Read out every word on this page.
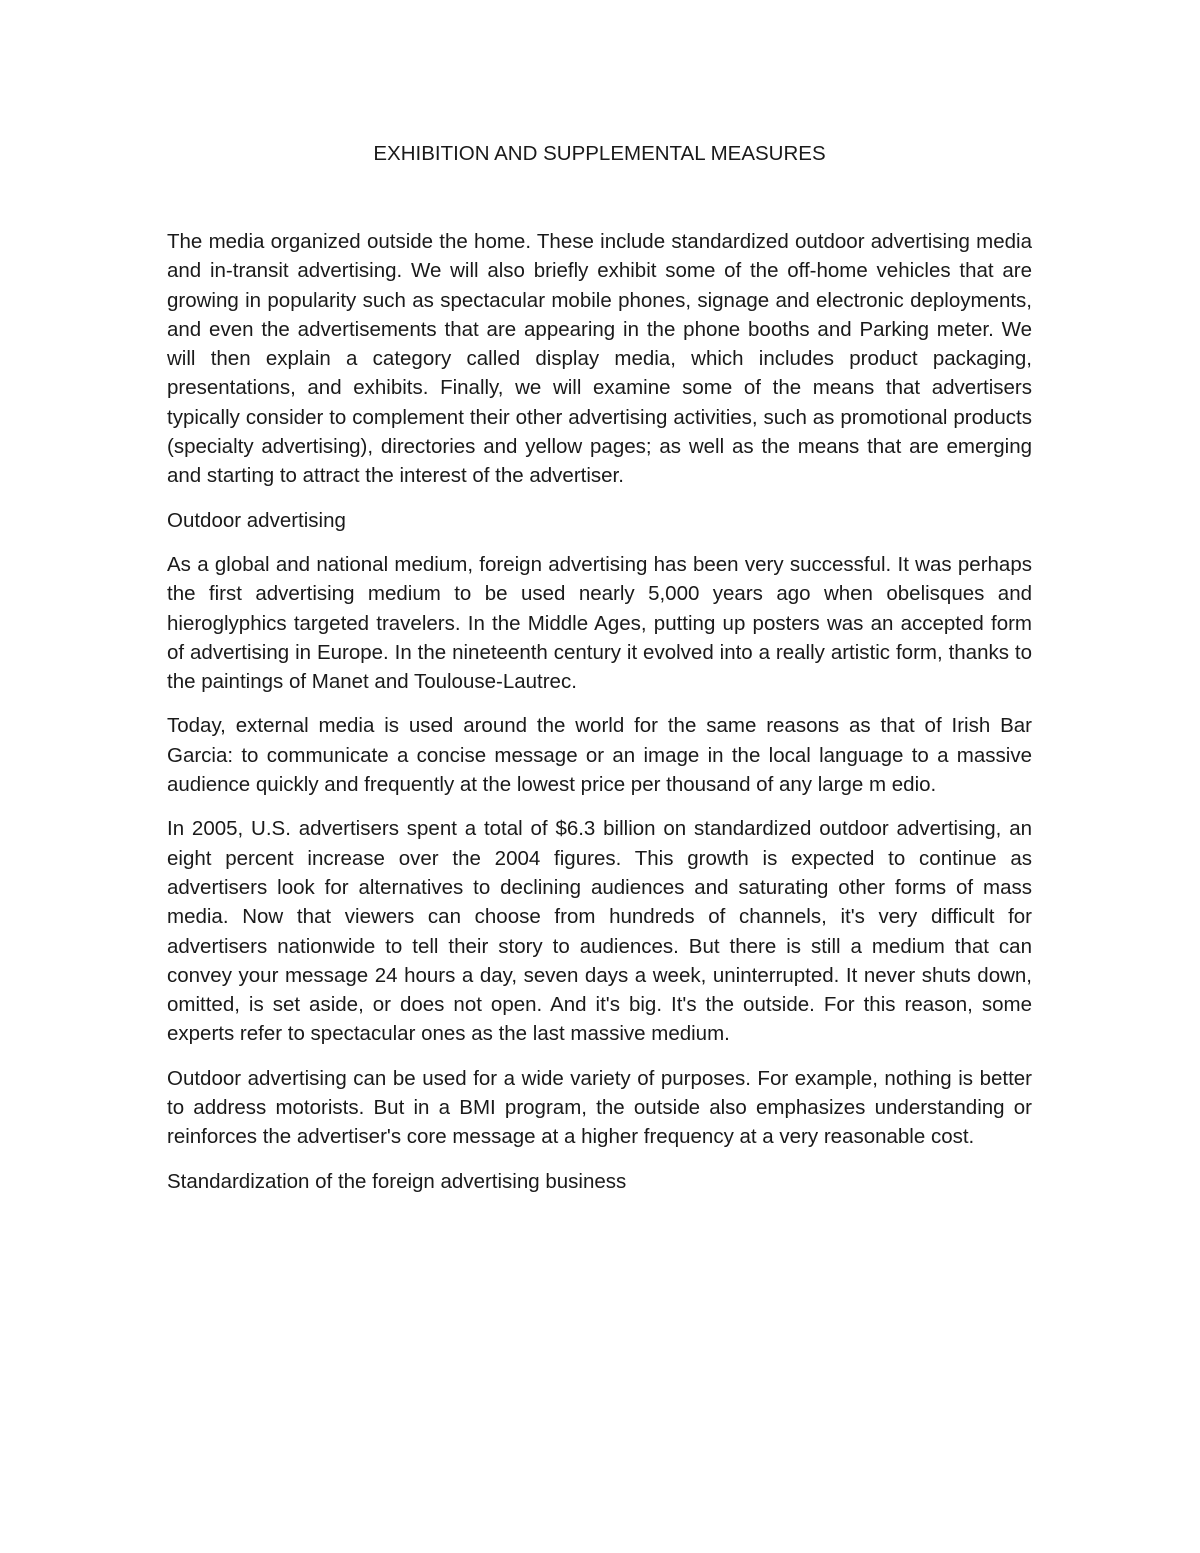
EXHIBITION AND SUPPLEMENTAL MEASURES

The media organized outside the home. These include standardized outdoor advertising media and in-transit advertising. We will also briefly exhibit some of the off-home vehicles that are growing in popularity such as spectacular mobile phones, signage and electronic deployments, and even the advertisements that are appearing in the phone booths and Parking meter. We will then explain a category called display media, which includes product packaging, presentations, and exhibits. Finally, we will examine some of the means that advertisers typically consider to complement their other advertising activities, such as promotional products (specialty advertising), directories and yellow pages; as well as the means that are emerging and starting to attract the interest of the advertiser.

Outdoor advertising

As a global and national medium, foreign advertising has been very successful. It was perhaps the first advertising medium to be used nearly 5,000 years ago when obelisques and hieroglyphics targeted travelers. In the Middle Ages, putting up posters was an accepted form of advertising in Europe. In the nineteenth century it evolved into a really artistic form, thanks to the paintings of Manet and Toulouse-Lautrec.

Today, external media is used around the world for the same reasons as that of Irish Bar Garcia: to communicate a concise message or an image in the local language to a massive audience quickly and frequently at the lowest price per thousand of any large m edio.

In 2005, U.S. advertisers spent a total of $6.3 billion on standardized outdoor advertising, an eight percent increase over the 2004 figures. This growth is expected to continue as advertisers look for alternatives to declining audiences and saturating other forms of mass media. Now that viewers can choose from hundreds of channels, it's very difficult for advertisers nationwide to tell their story to audiences. But there is still a medium that can convey your message 24 hours a day, seven days a week, uninterrupted. It never shuts down, omitted, is set aside, or does not open. And it's big. It's the outside. For this reason, some experts refer to spectacular ones as the last massive medium.

Outdoor advertising can be used for a wide variety of purposes. For example, nothing is better to address motorists. But in a BMI program, the outside also emphasizes understanding or reinforces the advertiser's core message at a higher frequency at a very reasonable cost.

Standardization of the foreign advertising business
